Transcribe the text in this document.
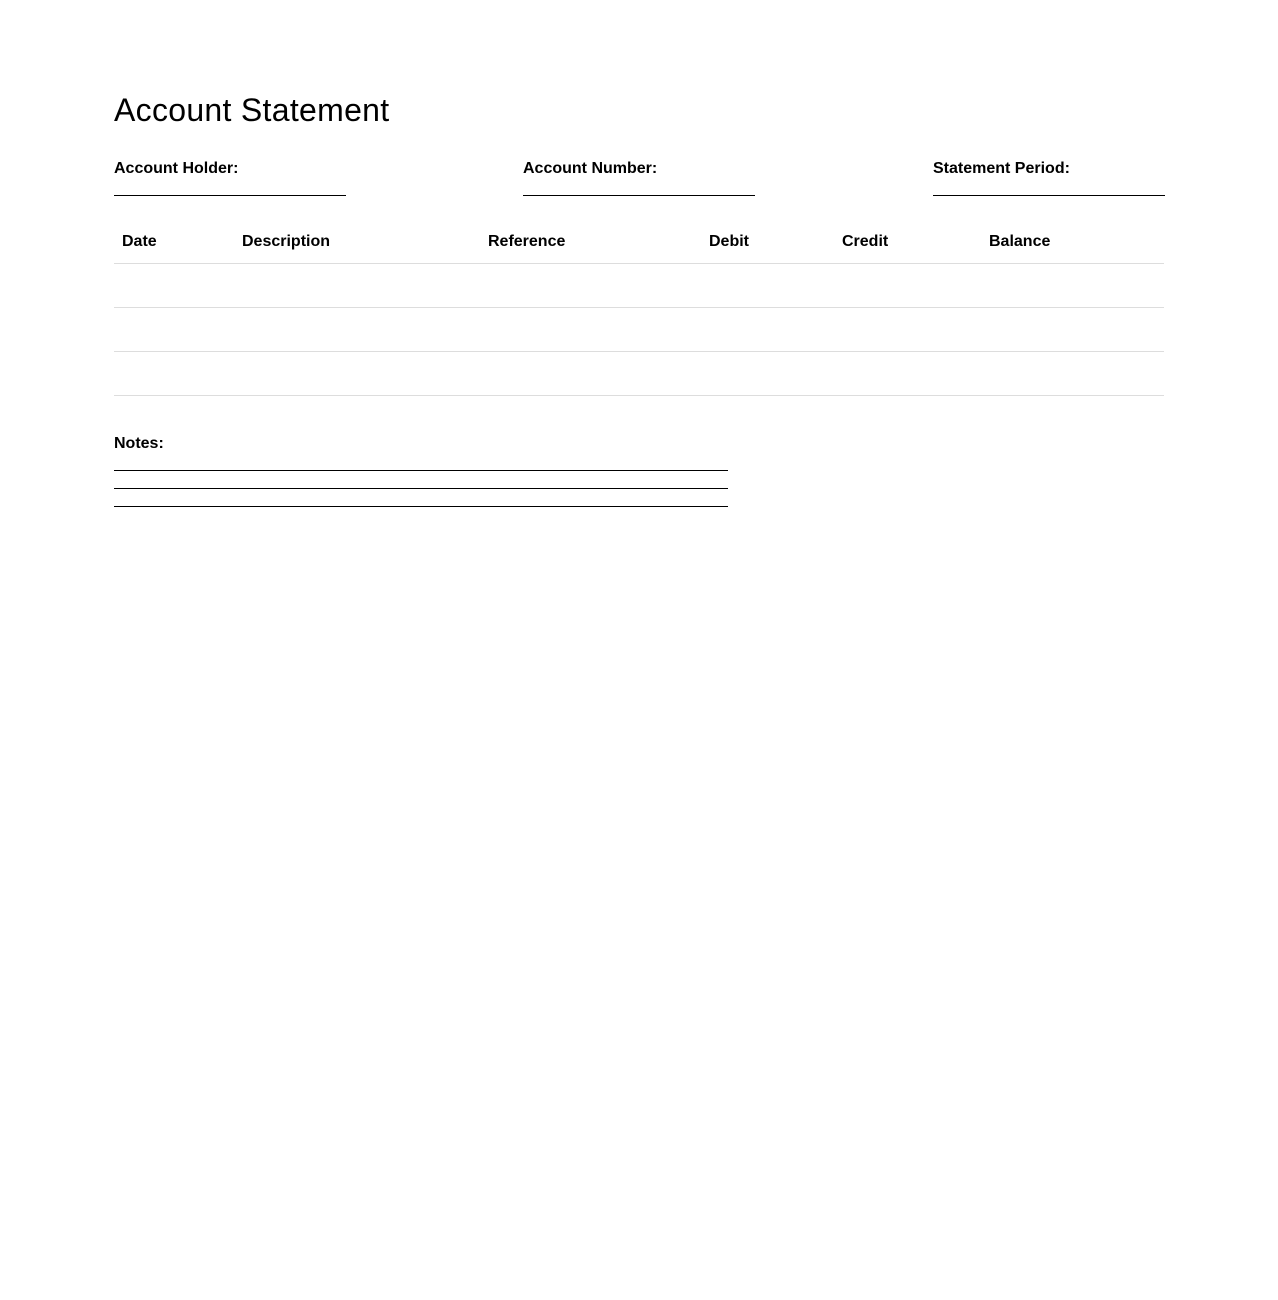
Account Statement
Account Holder:	Account Number:	Statement Period:
Date	Description	Reference	Debit	Credit	Balance

Notes:
